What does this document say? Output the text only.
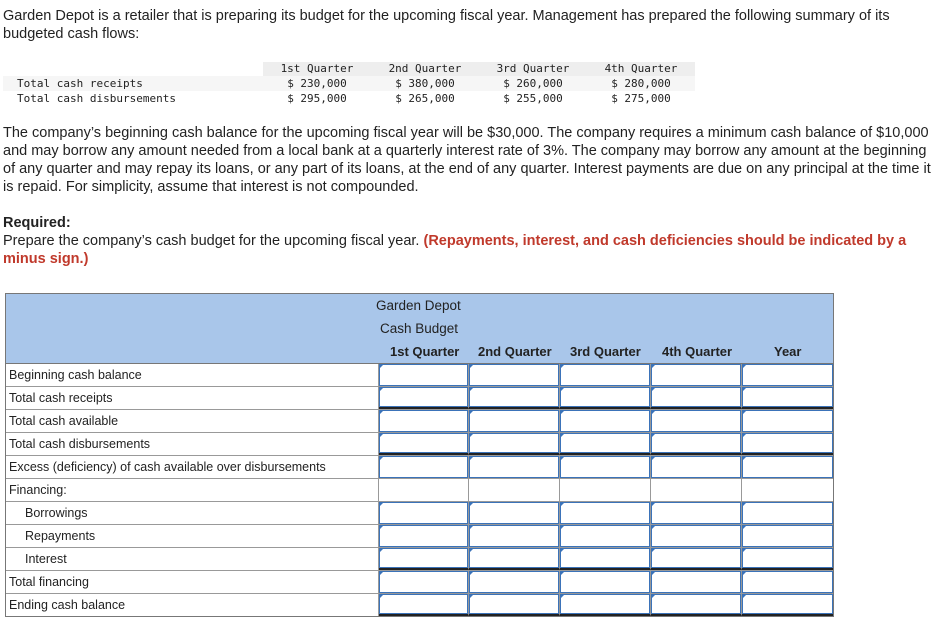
Garden Depot is a retailer that is preparing its budget for the upcoming fiscal year. Management has prepared the following summary of its budgeted cash flows:

1st Quarter	2nd Quarter	3rd Quarter	4th Quarter
Total cash receipts	$ 230,000	$ 380,000	$ 260,000	$ 280,000
Total cash disbursements	$ 295,000	$ 265,000	$ 255,000	$ 275,000

The company’s beginning cash balance for the upcoming fiscal year will be $30,000. The company requires a minimum cash balance of $10,000 and may borrow any amount needed from a local bank at a quarterly interest rate of 3%. The company may borrow any amount at the beginning of any quarter and may repay its loans, or any part of its loans, at the end of any quarter. Interest payments are due on any principal at the time it is repaid. For simplicity, assume that interest is not compounded.

Required:

Prepare the company’s cash budget for the upcoming fiscal year. (Repayments, interest, and cash deficiencies should be indicated by a minus sign.)

Garden Depot
Cash Budget
1st Quarter 2nd Quarter 3rd Quarter 4th Quarter	Year
Beginning cash balance
Total cash receipts
Total cash available
Total cash disbursements
Excess (deficiency) of cash available over disbursements
Financing:
Borrowings
Repayments
Interest
Total financing
Ending cash balance
